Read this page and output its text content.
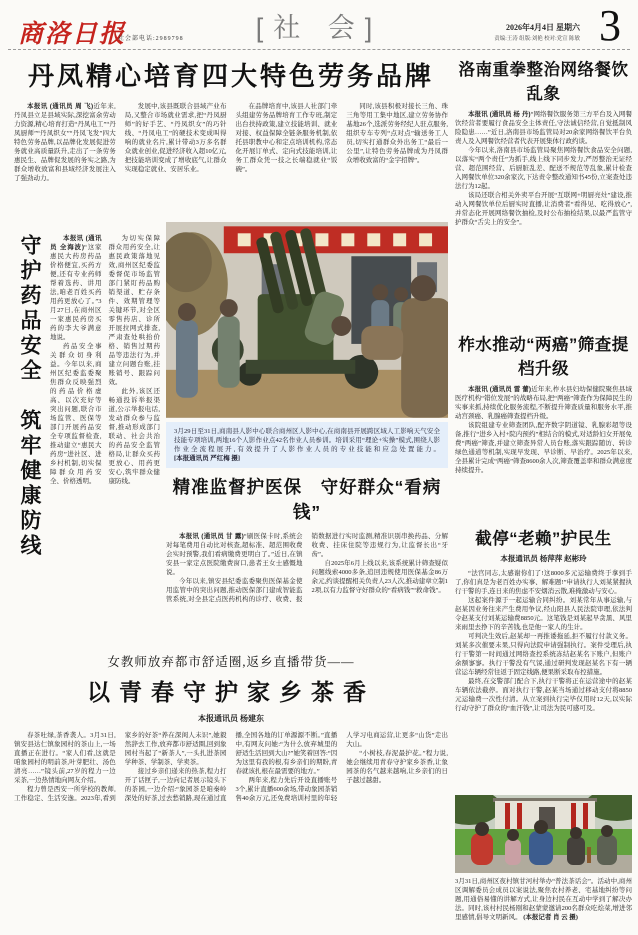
[社 会]
商洛日报
社会部电话:2989798
2026年4月4日 星期六
责编:王涛 组版:刘艳 校对:党宣 陈敏 3
丹凤精心培育四大特色劳务品牌

本报讯 (通讯员 周 飞)近年来,丹凤县立足县域实际,深挖富余劳动力资源,精心培育打造“丹凤电工”“丹凤厨师”“丹凤织女”“丹凤飞发”四大特色劳务品牌,以品牌化发展促进劳务就业高质量跃升,走出了一条劳务惠民生、品牌促发展的务实之路,为群众增收致富和县域经济发展注入了强劲动力。

发展中,该县既联合县域产业布局,又整合市场就业需求,把“丹凤厨师”的好手艺、“丹凤织女”的巧针线、“丹凤电工”的硬技术变成叫得响的就业名片,累计带动3万多名群众就业创业,促进经济收入超10亿元,把技能培训变成了增收底气,让群众实现稳定就业、安居乐业。

在品牌培育中,该县人社部门牵头组建劳务品牌培育工作专班,制定出台扶持政策,建立技能培训、就业对接、权益保障全链条服务机制,依托县职教中心和定点培训机构,常态化开展订单式、定向式技能培训,让务工群众凭一技之长端稳就业“饭碗”。

同时,该县积极对接长三角、珠三角等用工集中地区,建立劳务协作基地26个,选派劳务经纪人驻点服务,组织专车专列“点对点”输送务工人员,切实打通群众外出务工“最后一公里”,让特色劳务品牌成为丹凤群众增收致富的“金字招牌”。

守护药品安全　筑牢健康防线	本报讯 (通讯员 全海波)“这家惠民大药房药品价格便宜,买药方便,还有专业药师帮着选药、讲用法,咱老百姓买药用药更放心了。”3月27日,在商州区一家惠民药房买药的李大爷满意地说。

药品安全事关群众切身利益。今年以来,商州区纪委监委聚焦群众反映强烈的药品价格虚高、以次充好等突出问题,联合市场监管、医保等部门开展药品安全专项监督检查,推动建立“惠民大药房”进社区、进乡村机制,切实保障群众用药安全、价格透明。

为切实保障群众用药安全,让惠民政策落地见效,商州区纪委监委督促市场监管部门紧盯药品购销渠道、贮存条件、效期管理等关键环节,对全区零售药店、诊所开展拉网式排查,严肃查处哄抬价格、销售过期药品等违法行为,并建立问题台账,挂账销号、跟踪问效。

此外,该区还畅通投诉举报渠道,公示举报电话,发动群众参与监督,推动形成部门联动、社会共治的药品安全监管格局,让群众买药更放心、用药更安心,筑牢群众健康防线。

3月29日至31日,商南县人影中心联合商州区人影中心,在商南县开展跨区域人工影响天气安全技能专项培训,两地16个人影作业点42名作业人员参训。培训采用“理论+实操”模式,围绕人影作业全流程展开,有效提升了人影作业人员的专业技能和应急处置能力。 [本报通讯员 严红梅 摄]
精准监督护医保　守好群众“看病钱”

本报讯 (通讯员 甘 露)“刷医保卡时,系统会对每笔费用自动比对核查,超标准、超范围收费会实时预警,我们看病缴费更明白了。”近日,在镇安县一家定点医院缴费窗口,患者王女士感慨地说。

今年以来,镇安县纪委监委聚焦医保基金使用监管中的突出问题,推动医保部门建成智能监管系统,对全县定点医药机构的诊疗、收费、报销数据进行实时监测,精准识别串换药品、分解收费、挂床住院等违规行为,让监督长出“牙齿”。

自2025年6月上线以来,该系统累计筛查疑似问题线索4000多条,追回违规使用医保基金86万余元,约谈提醒相关负责人23人次,推动建章立制12项,以有力监督守好群众的“看病钱”“救命钱”。

女教师放弃都市舒适圈,返乡直播带货——
以青春守护家乡茶香
本报通讯员 杨建东

春茶吐绿,茶香袭人。3月31日,镇安县达仁镇象园村的茶山上,一场直播正在进行。“家人们看,这就是咱象园村的明前茶,叶芽肥壮、汤色清亮……”镜头前,27岁的程力一边采茶,一边热情地向网友介绍。

程力曾是西安一所学校的教师,工作稳定、生活安逸。2023年,看到家乡的好茶“养在深闺人未识”,她毅然辞去工作,放弃都市舒适圈,回到象园村当起了“新茶人”,一头扎进茶园学种茶、学制茶、学卖茶。

接过乡亲们递来的热茶,程力打开了话匣子,一边向记者展示镜头下的茶园,一边介绍:“象园茶是咱秦岭深处的好茶,过去愁销路,现在通过直播,全国各地的订单源源不断。”直播中,有网友问她:“为什么放弃城里的舒适生活回到大山?”她笑着回答:“因为这里有我的根,有乡亲们的期盼,青春就该扎根在最需要的地方。”

两年来,程力先后开设直播账号3个,累计直播600余场,带动象园茶销售40余万元,还免费培训村里的年轻人学习电商运营,让更多“山货”走出大山。

“小树枝,春泥最护花。”程力说,她会继续用青春守护家乡茶香,让象园茶的名气越来越响,让乡亲们的日子越过越甜。

洛南重拳整治网络餐饮乱象

本报讯 (通讯员 杨 丹)“网络餐饮服务第三方平台及入网餐饮经营者要履行食品安全主体责任,守法诚信经营,自觉抵制风险隐患……”近日,洛南县市场监管局对20余家网络餐饮平台负责人及入网餐饮经营者代表开展集体行政约谈。

今年以来,洛南县市场监管局聚焦网络餐饮食品安全问题,以落实“两个责任”为抓手,线上线下同步发力,严厉整治无证经营、超范围经营、后厨脏乱差、配送不规范等乱象,累计检查入网餐饮单位320余家次,下达责令整改通知书45份,立案查处违法行为12起。

该局还联合相关外卖平台开展“互联网+明厨亮灶”建设,推动入网餐饮单位后厨实时直播,让消费者“看得见、吃得放心”,并常态化开展网络餐饮抽检,及时公布抽检结果,以最严监管守护群众“舌尖上的安全”。

柞水推动“两癌”筛查提档升级

本报讯 (通讯员 雷 蕾)近年来,柞水县妇幼保健院聚焦县域医疗机构“错位发展”的战略布局,把“两癌”筛查作为保障民生的实事来抓,持续优化服务流程,不断提升筛查质量和服务水平,推动宫颈癌、乳腺癌筛查提档升级。

该院组建专业筛查团队,配齐数字阴道镜、乳腺彩超等设备,推行“进乡入村+院内预约”相结合的模式,对适龄妇女开展免费“两癌”筛查,并建立筛查异常人员台账,落实跟踪随访、转诊绿色通道等机制,实现早发现、早诊断、早治疗。2025年以来,全县累计完成“两癌”筛查8600余人次,筛查覆盖率和群众满意度持续提升。

截停“老赖”护民生
本报通讯员 杨萍萍 赵彬玲

“法官同志,太感谢你们了!这8000多元运输费终于拿到手了,你们真是为老百姓办实事、解难题!”申请执行人刘某紧握执行干警的手,连日来的焦虑不安烟消云散,难掩激动与安心。

这起案件源于一起运输合同纠纷。刘某常年从事运输,与赵某因业务往来产生费用争议,经山阳县人民法院审理,依法判令赵某支付刘某运输费8850元。这笔钱是刘某起早贪黑、风里来雨里去挣下的辛苦钱,也是他一家人的生计。

可判决生效后,赵某却一再推诿拖延,拒不履行付款义务。刘某多次催要未果,只得向法院申请强制执行。案件受理后,执行干警第一时间通过网络查控系统冻结赵某名下账户,但账户余额寥寥。执行干警没有气馁,通过研判发现赵某名下有一辆营运车辆经常往返于固定线路,便果断采取布控措施。

最终,在交警部门配合下,执行干警将正在运营途中的赵某车辆依法截停。面对执行干警,赵某当场通过移动支付将8850元运输费一次性付清。从立案到执行完毕仅用时12天,以实际行动守护了群众的“血汗钱”,让司法为民可感可及。

3月31日,商州区夜村镇甘河村举办“普法茶话会”。活动中,商州区调解委员会成员以案说法,聚焦农村养老、宅基地纠纷等问题,用通俗易懂的讲解方式,让身边村民在互动中学到了解决办法。同时,该村村民杨刚和赵蒙蒙邀请200名群众吃烩菜,增进邻里感情,倡导文明新风。 (本报记者 肖 云 摄)
